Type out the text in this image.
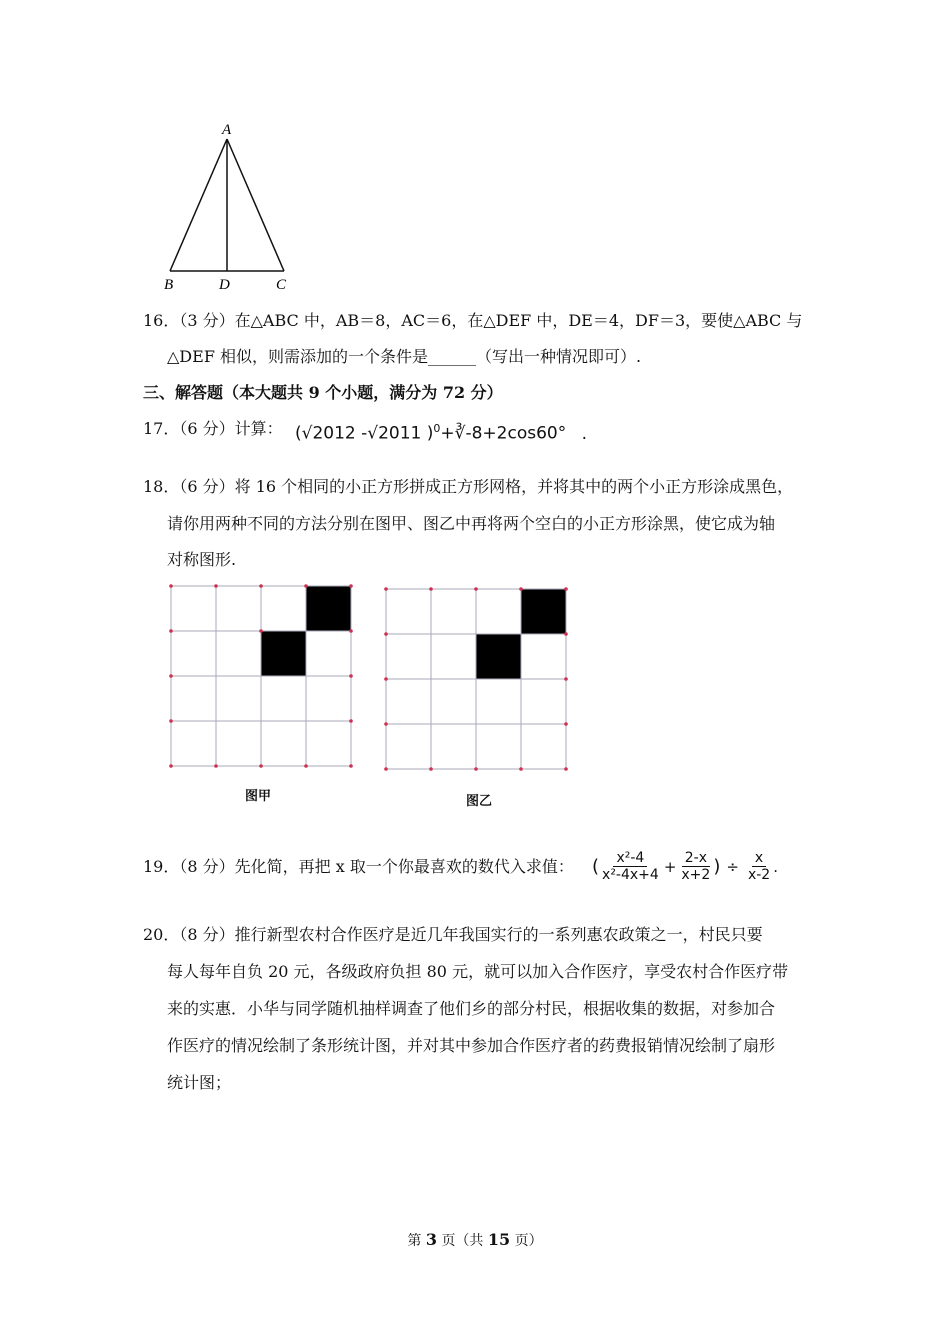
A
B	D	C
16．（3 分）在△ABC 中，AB＝8，AC＝6，在△DEF 中，DE＝4，DF＝3，要使△ABC 与
△DEF 相似，则需添加的一个条件是______（写出一种情况即可）.
三、解答题（本大题共 9 个小题，满分为 72 分）
17．（6 分）计算： (√2012 -√2011 )$^0$+∛-8+2cos60° .
18．（6 分）将 16 个相同的小正方形拼成正方形网格，并将其中的两个小正方形涂成黑色，
请你用两种不同的方法分别在图甲、图乙中再将两个空白的小正方形涂黑，使它成为轴
对称图形.
图甲	图乙
19．（8 分）先化简，再把 x 取一个你最喜欢的数代入求值： ( $\frac{\text{x²-4}}{\text{x²-4x+4}} + \frac{2-x}{x+2}$ ) ÷ $\frac{x}{x-2}$ .
20．（8 分）推行新型农村合作医疗是近几年我国实行的一系列惠农政策之一，村民只要
每人每年自负 20 元，各级政府负担 80 元，就可以加入合作医疗，享受农村合作医疗带
来的实惠．小华与同学随机抽样调查了他们乡的部分村民，根据收集的数据，对参加合
作医疗的情况绘制了条形统计图，并对其中参加合作医疗者的药费报销情况绘制了扇形
统计图；
第 3 页（共 15 页）
